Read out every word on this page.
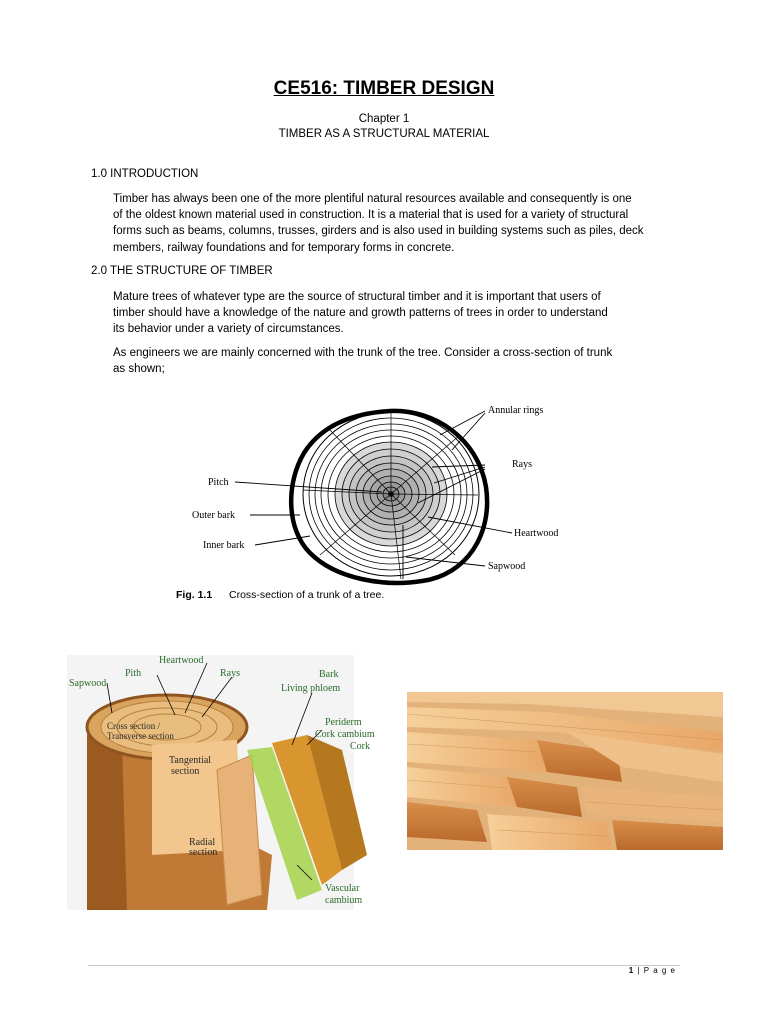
CE516: TIMBER DESIGN
Chapter 1
TIMBER AS A STRUCTURAL MATERIAL
1.0 INTRODUCTION
Timber has always been one of the more plentiful natural resources available and consequently is one
of the oldest known material used in construction. It is a material that is used for a variety of structural
forms such as beams, columns, trusses, girders and is also used in building systems such as piles, deck
members, railway foundations and for temporary forms in concrete.
2.0 THE STRUCTURE OF TIMBER
Mature trees of whatever type are the source of structural timber and it is important that users of
timber should have a knowledge of the nature and growth patterns of trees in order to understand
its behavior under a variety of circumstances.
As engineers we are mainly concerned with the trunk of the tree. Consider a cross-section of trunk
as shown;
Annular rings
Rays
Pitch
Outer bark
Inner bark
Heartwood
Sapwood
Fig. 1.1 Cross-section of a trunk of a tree.
Heartwood
Pith	Rays
Sapwood
Bark
Living phloem
Cross section /
Transverse section
Periderm
Cork cambium
Cork
Tangential
section
Radial
section
Vascular
cambium
1 | P a g e
